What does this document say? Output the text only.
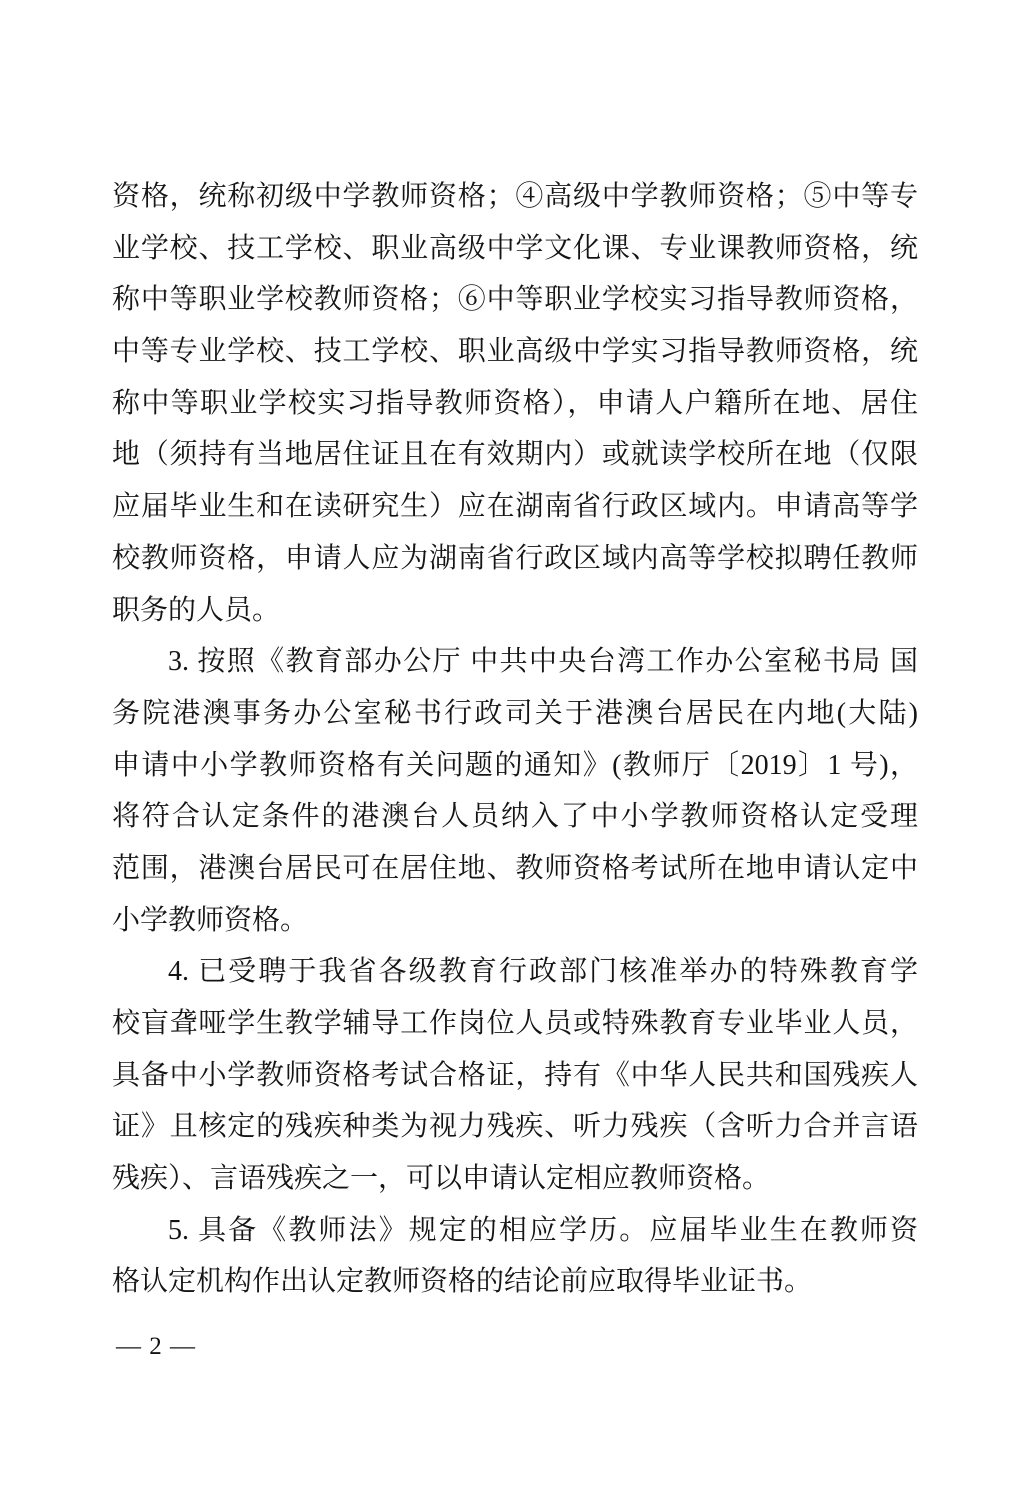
资格，统称初级中学教师资格；④高级中学教师资格；⑤中等专

业学校、技工学校、职业高级中学文化课、专业课教师资格，统

称中等职业学校教师资格；⑥中等职业学校实习指导教师资格，

中等专业学校、技工学校、职业高级中学实习指导教师资格，统

称中等职业学校实习指导教师资格），申请人户籍所在地、居住

地（须持有当地居住证且在有效期内）或就读学校所在地（仅限

应届毕业生和在读研究生）应在湖南省行政区域内。申请高等学

校教师资格，申请人应为湖南省行政区域内高等学校拟聘任教师

职务的人员。

3. 按照《教育部办公厅 中共中央台湾工作办公室秘书局 国

务院港澳事务办公室秘书行政司关于港澳台居民在内地(大陆)

申请中小学教师资格有关问题的通知》(教师厅〔2019〕1 号)，

将符合认定条件的港澳台人员纳入了中小学教师资格认定受理

范围，港澳台居民可在居住地、教师资格考试所在地申请认定中

小学教师资格。

4. 已受聘于我省各级教育行政部门核准举办的特殊教育学

校盲聋哑学生教学辅导工作岗位人员或特殊教育专业毕业人员，

具备中小学教师资格考试合格证，持有《中华人民共和国残疾人

证》且核定的残疾种类为视力残疾、听力残疾（含听力合并言语

残疾）、言语残疾之一，可以申请认定相应教师资格。

5. 具备《教师法》规定的相应学历。应届毕业生在教师资

格认定机构作出认定教师资格的结论前应取得毕业证书。

— 2 —
